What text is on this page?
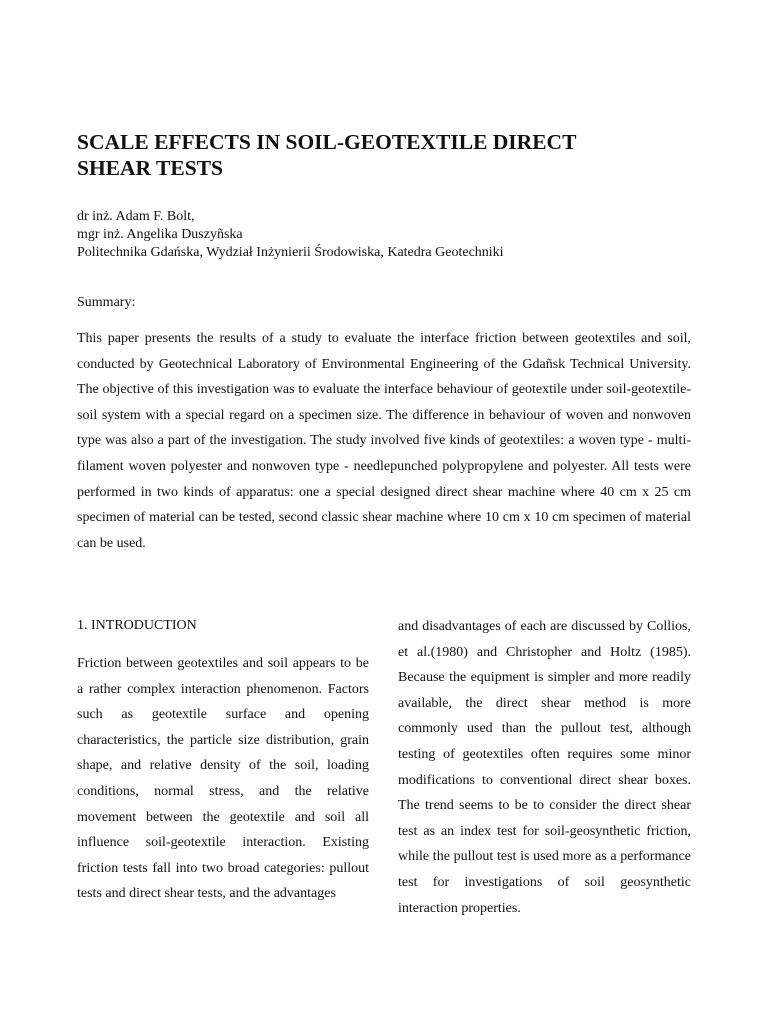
SCALE EFFECTS IN SOIL-GEOTEXTILE DIRECT
SHEAR TESTS
dr inż. Adam F. Bolt,
mgr inż. Angelika Duszyñska
Politechnika Gdańska, Wydział Inżynierii Środowiska, Katedra Geotechniki
Summary:

This paper presents the results of a study to evaluate the interface friction between geotextiles and soil, conducted by Geotechnical Laboratory of Environmental Engineering of the Gdañsk Technical University. The objective of this investigation was to evaluate the interface behaviour of geotextile under soil-geotextile-soil system with a special regard on a specimen size. The difference in behaviour of woven and nonwoven type was also a part of the investigation. The study involved five kinds of geotextiles: a woven type - multi-filament woven polyester and nonwoven type - needlepunched polypropylene and polyester. All tests were performed in two kinds of apparatus: one a special designed direct shear machine where 40 cm x 25 cm specimen of material can be tested, second classic shear machine where 10 cm x 10 cm specimen of material can be used.

1. INTRODUCTION

Friction between geotextiles and soil appears to be a rather complex interaction phenomenon. Factors such as geotextile surface and opening characteristics, the particle size distribution, grain shape, and relative density of the soil, loading conditions, normal stress, and the relative movement between the geotextile and soil all influence soil-geotextile interaction. Existing friction tests fall into two broad categories: pullout tests and direct shear tests, and the advantages

and disadvantages of each are discussed by Collios, et al.(1980) and Christopher and Holtz (1985). Because the equipment is simpler and more readily available, the direct shear method is more commonly used than the pullout test, although testing of geotextiles often requires some minor modifications to conventional direct shear boxes. The trend seems to be to consider the direct shear test as an index test for soil-geosynthetic friction, while the pullout test is used more as a performance test for investigations of soil geosynthetic interaction properties.
